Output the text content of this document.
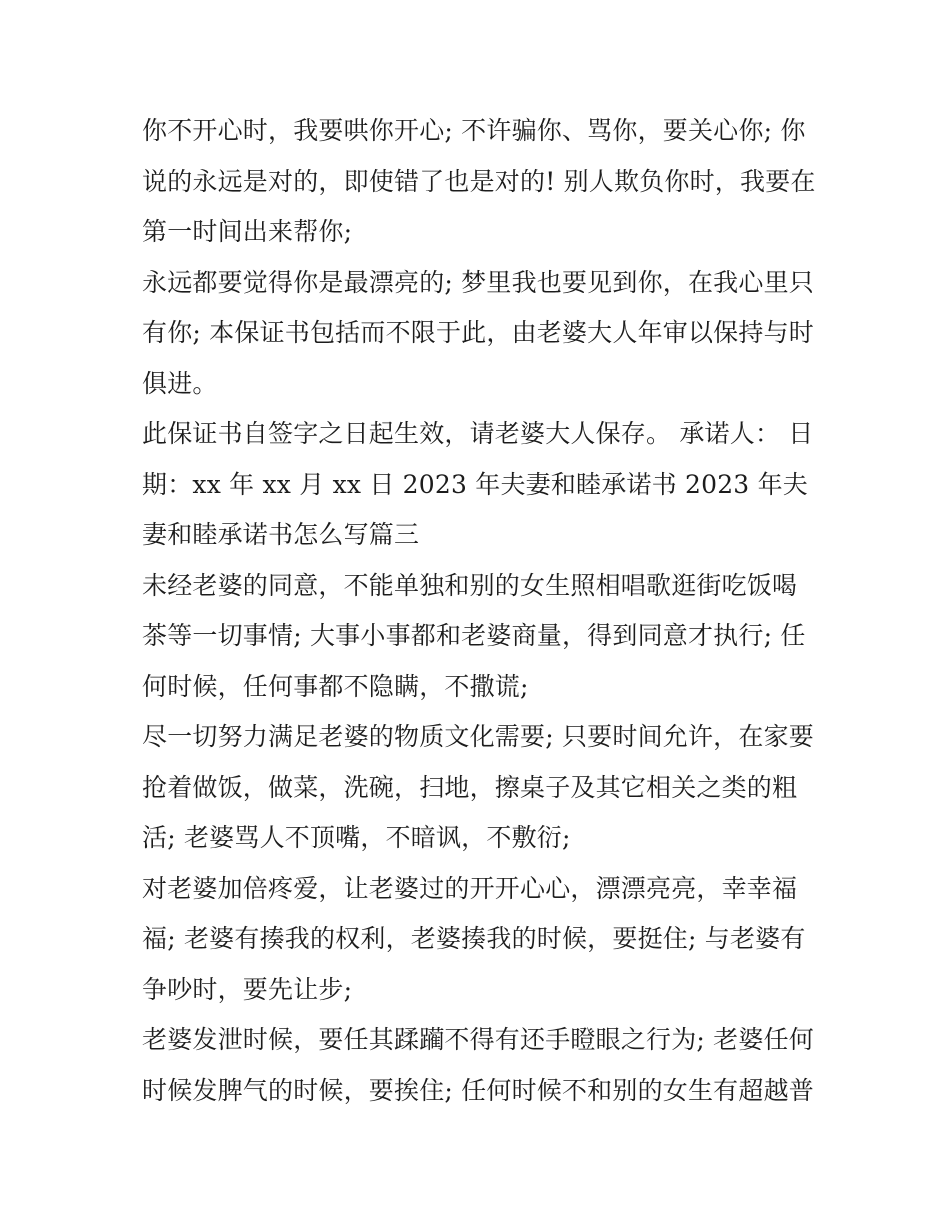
你不开心时，我要哄你开心; 不许骗你、骂你，要关心你; 你说的永远是对的，即使错了也是对的! 别人欺负你时，我要在第一时间出来帮你;

永远都要觉得你是最漂亮的; 梦里我也要见到你，在我心里只有你; 本保证书包括而不限于此，由老婆大人年审以保持与时俱进。

此保证书自签字之日起生效，请老婆大人保存。 承诺人： 日期：xx 年 xx 月 xx 日 2023 年夫妻和睦承诺书 2023 年夫妻和睦承诺书怎么写篇三

未经老婆的同意，不能单独和别的女生照相唱歌逛街吃饭喝茶等一切事情; 大事小事都和老婆商量，得到同意才执行; 任何时候，任何事都不隐瞒，不撒谎;

尽一切努力满足老婆的物质文化需要; 只要时间允许，在家要抢着做饭，做菜，洗碗，扫地，擦桌子及其它相关之类的粗活; 老婆骂人不顶嘴，不暗讽，不敷衍;

对老婆加倍疼爱，让老婆过的开开心心，漂漂亮亮，幸幸福福; 老婆有揍我的权利，老婆揍我的时候，要挺住; 与老婆有争吵时，要先让步;

老婆发泄时候，要任其蹂躏不得有还手瞪眼之行为; 老婆任何时候发脾气的时候，要挨住; 任何时候不和别的女生有超越普
